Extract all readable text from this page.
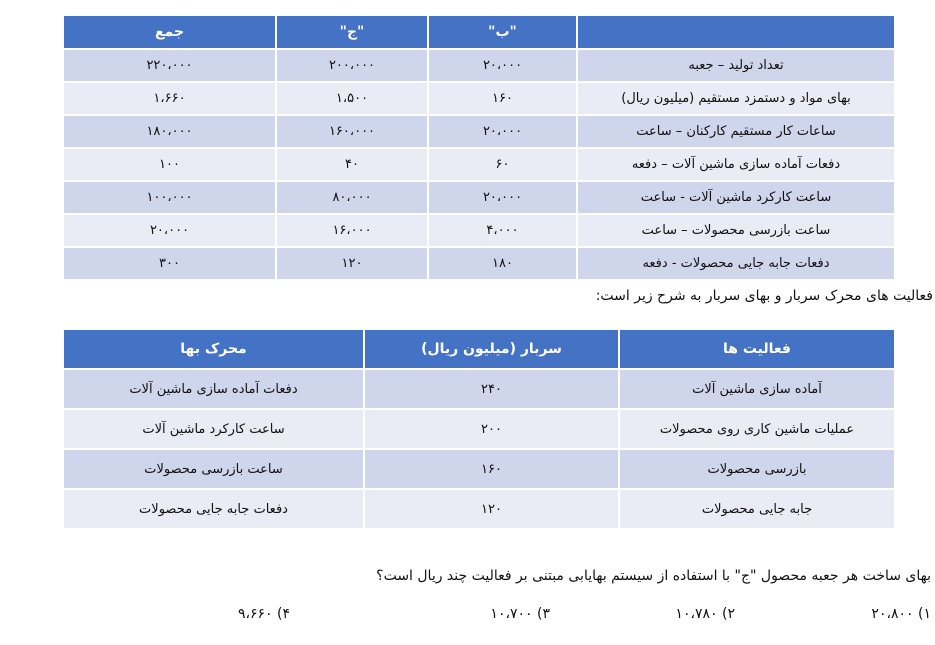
	"ب"	"ج"	جمع
تعداد تولید – جعبه	۲۰،۰۰۰	۲۰۰،۰۰۰	۲۲۰،۰۰۰
بهای مواد و دستمزد مستقیم (میلیون ریال)	۱۶۰	۱،۵۰۰	۱،۶۶۰
ساعات کار مستقیم کارکنان – ساعت	۲۰،۰۰۰	۱۶۰،۰۰۰	۱۸۰،۰۰۰
دفعات آماده سازی ماشین آلات – دفعه	۶۰	۴۰	۱۰۰
ساعت کارکرد ماشین آلات - ساعت	۲۰،۰۰۰	۸۰،۰۰۰	۱۰۰،۰۰۰
ساعت بازرسی محصولات – ساعت	۴،۰۰۰	۱۶،۰۰۰	۲۰،۰۰۰
دفعات جابه جایی محصولات - دفعه	۱۸۰	۱۲۰	۳۰۰
فعالیت های محرک سربار و بهای سربار به شرح زیر است:
فعالیت ها	سربار (میلیون ریال)	محرک بها
آماده سازی ماشین آلات	۲۴۰	دفعات آماده سازی ماشین آلات
عملیات ماشین کاری روی محصولات	۲۰۰	ساعت کارکرد ماشین آلات
بازرسی محصولات	۱۶۰	ساعت بازرسی محصولات
جابه جایی محصولات	۱۲۰	دفعات جابه جایی محصولات
بهای ساخت هر جعبه محصول "ج" با استفاده از سیستم بهایابی مبتنی بر فعالیت چند ریال است؟
۱) ۲۰،۸۰۰
۲) ۱۰،۷۸۰
۳) ۱۰،۷۰۰
۴) ۹،۶۶۰
